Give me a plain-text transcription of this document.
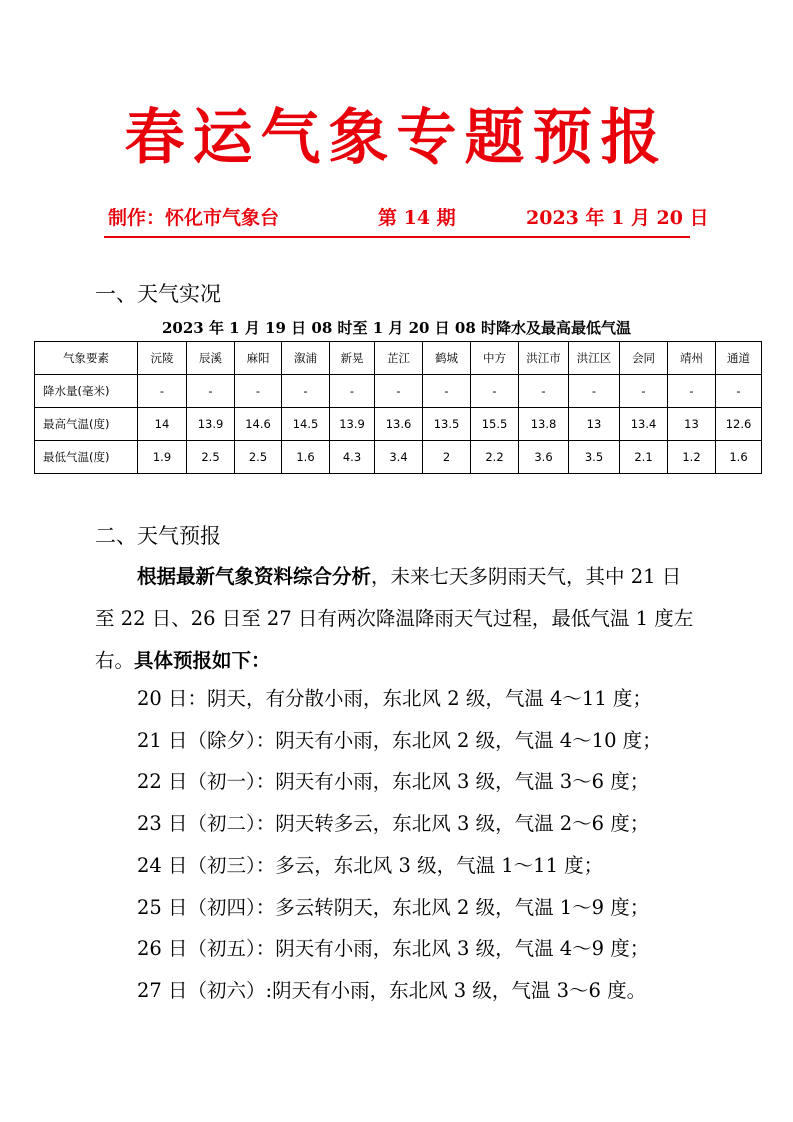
春运气象专题预报
制作：怀化市气象台	第 14 期	2023 年 1 月 20 日
一、天气实况
2023 年 1 月 19 日 08 时至 1 月 20 日 08 时降水及最高最低气温
气象要素	沅陵	辰溪	麻阳	溆浦	新晃	芷江	鹤城	中方	洪江市	洪江区	会同	靖州	通道
降水量(毫米)	-	-	-	-	-	-	-	-	-	-	-	-	-
最高气温(度)	14	13.9	14.6	14.5	13.9	13.6	13.5	15.5	13.8	13	13.4	13	12.6
最低气温(度)	1.9	2.5	2.5	1.6	4.3	3.4	2	2.2	3.6	3.5	2.1	1.2	1.6
二、天气预报
根据最新气象资料综合分析，未来七天多阴雨天气，其中 21 日至 22 日、26 日至 27 日有两次降温降雨天气过程，最低气温 1 度左右。具体预报如下：
20 日：阴天，有分散小雨，东北风 2 级，气温 4～11 度；
21 日（除夕）：阴天有小雨，东北风 2 级，气温 4～10 度；
22 日（初一）：阴天有小雨，东北风 3 级，气温 3～6 度；
23 日（初二）：阴天转多云，东北风 3 级，气温 2～6 度；
24 日（初三）：多云，东北风 3 级，气温 1～11 度；
25 日（初四）：多云转阴天，东北风 2 级，气温 1～9 度；
26 日（初五）：阴天有小雨，东北风 3 级，气温 4～9 度；
27 日（初六）:阴天有小雨，东北风 3 级，气温 3～6 度。
